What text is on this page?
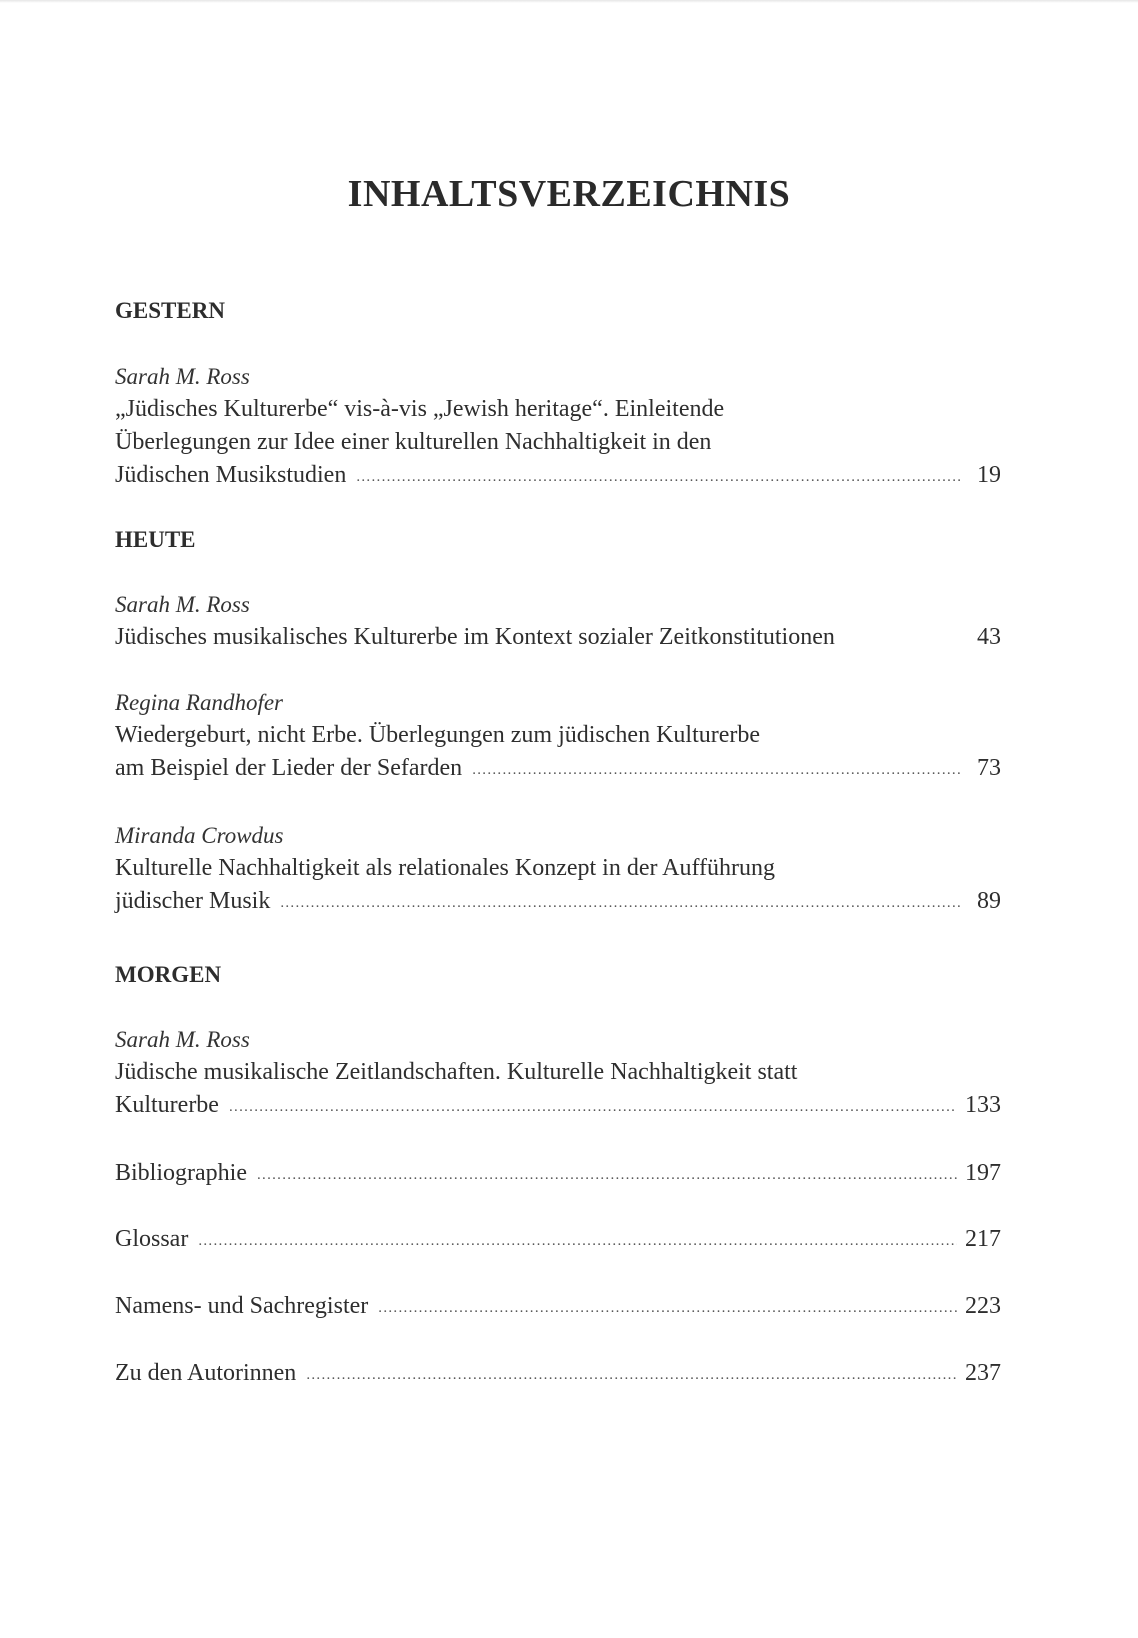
INHALTSVERZEICHNIS
GESTERN
Sarah M. Ross
„Jüdisches Kulturerbe“ vis-à-vis „Jewish heritage“. Einleitende
Überlegungen zur Idee einer kulturellen Nachhaltigkeit in den
Jüdischen Musikstudien .....	19
HEUTE
Sarah M. Ross
Jüdisches musikalisches Kulturerbe im Kontext sozialer Zeitkonstitutionen	43
Regina Randhofer
Wiedergeburt, nicht Erbe. Überlegungen zum jüdischen Kulturerbe
am Beispiel der Lieder der Sefarden .....	73
Miranda Crowdus
Kulturelle Nachhaltigkeit als relationales Konzept in der Aufführung
jüdischer Musik .....	89
MORGEN
Sarah M. Ross
Jüdische musikalische Zeitlandschaften. Kulturelle Nachhaltigkeit statt
Kulturerbe .....	133
Bibliographie .....	197
Glossar .....	217
Namens- und Sachregister .....	223
Zu den Autorinnen .....	237
